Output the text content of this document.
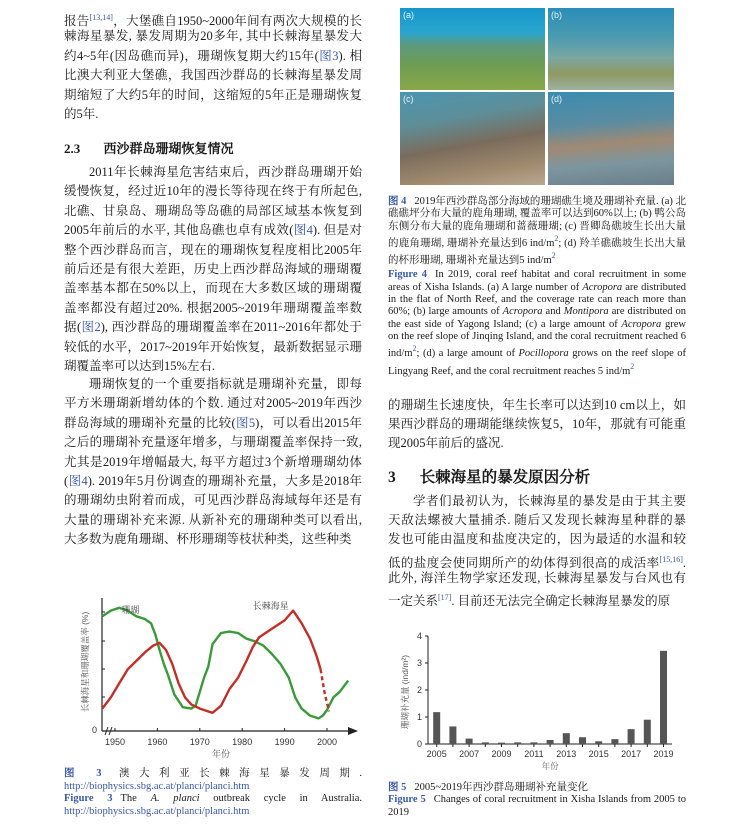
报告[13,14]，大堡礁自1950~2000年间有两次大规模的长
棘海星暴发, 暴发周期为20多年, 其中长棘海星暴发大
约4~5年(因岛礁而异)，珊瑚恢复期大约15年(图3). 相
比澳大利亚大堡礁，我国西沙群岛的长棘海星暴发周
期缩短了大约5年的时间，这缩短的5年正是珊瑚恢复
的5年.
2.3 西沙群岛珊瑚恢复情况
2011年长棘海星危害结束后，西沙群岛珊瑚开始
缓慢恢复，经过近10年的漫长等待现在终于有所起色,
北礁、甘泉岛、珊瑚岛等岛礁的局部区域基本恢复到
2005年前后的水平, 其他岛礁也卓有成效(图4). 但是对
整个西沙群岛而言，现在的珊瑚恢复程度相比2005年
前后还是有很大差距，历史上西沙群岛海域的珊瑚覆
盖率基本都在50%以上，而现在大多数区域的珊瑚覆
盖率都没有超过20%. 根据2005~2019年珊瑚覆盖率数
据(图2), 西沙群岛的珊瑚覆盖率在2011~2016年都处于
较低的水平，2017~2019年开始恢复，最新数据显示珊
瑚覆盖率可以达到15%左右.
珊瑚恢复的一个重要指标就是珊瑚补充量，即每
平方米珊瑚新增幼体的个数. 通过对2005~2019年西沙
群岛海域的珊瑚补充量的比较(图5)，可以看出2015年
之后的珊瑚补充量逐年增多，与珊瑚覆盖率保持一致,
尤其是2019年增幅最大, 每平方超过3个新增珊瑚幼体
(图4). 2019年5月份调查的珊瑚补充量，大多是2018年
的珊瑚幼虫附着而成，可见西沙群岛海域每年还是有
大量的珊瑚补充来源. 从新补充的珊瑚种类可以看出,
大多数为鹿角珊瑚、杯形珊瑚等枝状种类，这些种类
1950 1960 1970 1980 1990 2000
0
年份
长棘海星和珊瑚覆盖率 (%)
珊瑚	长棘海星
图 3 澳大利亚长棘海星暴发周期. http://biophysics.sbg.ac.at/planci/planci.htm
Figure 3 The A. planci outbreak cycle in Australia. http://biophysics.sbg.ac.at/planci/planci.htm
(a)	(b)
(c)	(d)
图 4 2019年西沙群岛部分海域的珊瑚礁生境及珊瑚补充量. (a) 北礁礁坪分布大量的鹿角珊瑚, 覆盖率可以达到60%以上; (b) 鸭公岛东侧分布大量的鹿角珊瑚和蔷薇珊瑚; (c) 晋卿岛礁坡生长出大量的鹿角珊瑚, 珊瑚补充量达到6 ind/$m^2$; (d) 羚羊礁礁坡生长出大量的杯形珊瑚, 珊瑚补充量达到5 ind/$m^2$
Figure 4 In 2019, coral reef habitat and coral recruitment in some areas of Xisha Islands. (a) A large number of Acropora are distributed in the flat of North Reef, and the coverage rate can reach more than 60%; (b) large amounts of Acropora and Montipora are distributed on the east side of Yagong Island; (c) a large amount of Acropora grew on the reef slope of Jinqing Island, and the coral recruitment reached 6 ind/$m^2$; (d) a large amount of Pocillopora grows on the reef slope of Lingyang Reef, and the coral recruitment reaches 5 ind/$m^2$
的珊瑚生长速度快，年生长率可以达到10 cm以上，如
果西沙群岛的珊瑚能继续恢复5，10年，那就有可能重
现2005年前后的盛况.
3 长棘海星的暴发原因分析
学者们最初认为，长棘海星的暴发是由于其主要
天敌法螺被大量捕杀. 随后又发现长棘海星种群的暴
发也可能由温度和盐度决定的，因为最适的水温和较
低的盐度会使同期所产的幼体得到很高的成活率[15,16].
此外, 海洋生物学家还发现, 长棘海星暴发与台风也有
一定关系[17]. 目前还无法完全确定长棘海星暴发的原
0
1
2
3
4
2005 2007 2009 2011 2013 2015 2017 2019
年份
珊瑚补充量 (ind/m²)
图 5 2005~2019年西沙群岛珊瑚补充量变化
Figure 5 Changes of coral recruitment in Xisha Islands from 2005 to 2019
